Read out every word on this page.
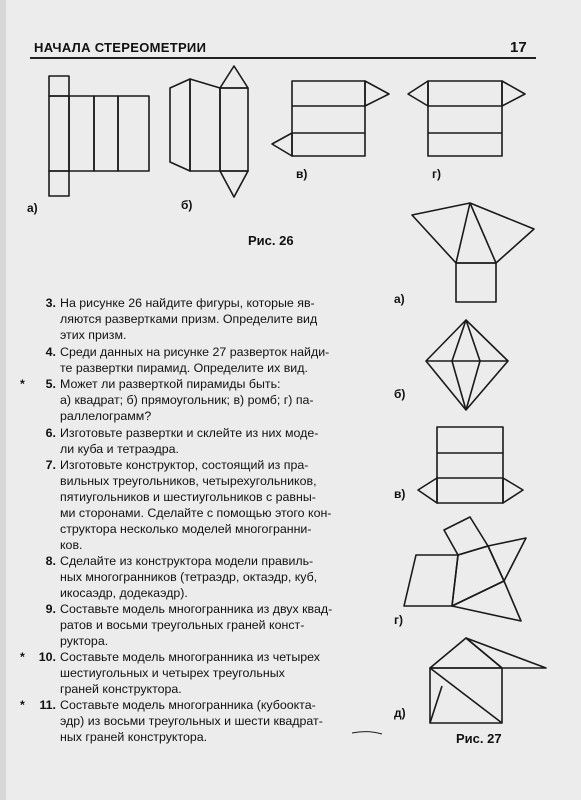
НАЧАЛА СТЕРЕОМЕТРИИ	17
а)	б)
в)	г)
Рис. 26
а)
б)
в)
г)
д)
Рис. 27
3. На рисунке 26 найдите фигуры, которые яв-
ляются развертками призм. Определите вид
этих призм.
4. Среди данных на рисунке 27 разверток найди-
те развертки пирамид. Определите их вид.
*	5. Может ли разверткой пирамиды быть:
а) квадрат; б) прямоугольник; в) ромб; г) па-
раллелограмм?
6. Изготовьте развертки и склейте из них моде-
ли куба и тетраэдра.
7. Изготовьте конструктор, состоящий из пра-
вильных треугольников, четырехугольников,
пятиугольников и шестиугольников с равны-
ми сторонами. Сделайте с помощью этого кон-
структора несколько моделей многогранни-
ков.
8. Сделайте из конструктора модели правиль-
ных многогранников (тетраэдр, октаэдр, куб,
икосаэдр, додекаэдр).
9. Составьте модель многогранника из двух квад-
ратов и восьми треугольных граней конст-
руктора.
*	10. Составьте модель многогранника из четырех
шестиугольных и четырех треугольных
граней конструктора.
*	11. Составьте модель многогранника (кубоокта-
эдр) из восьми треугольных и шести квадрат-
ных граней конструктора.
